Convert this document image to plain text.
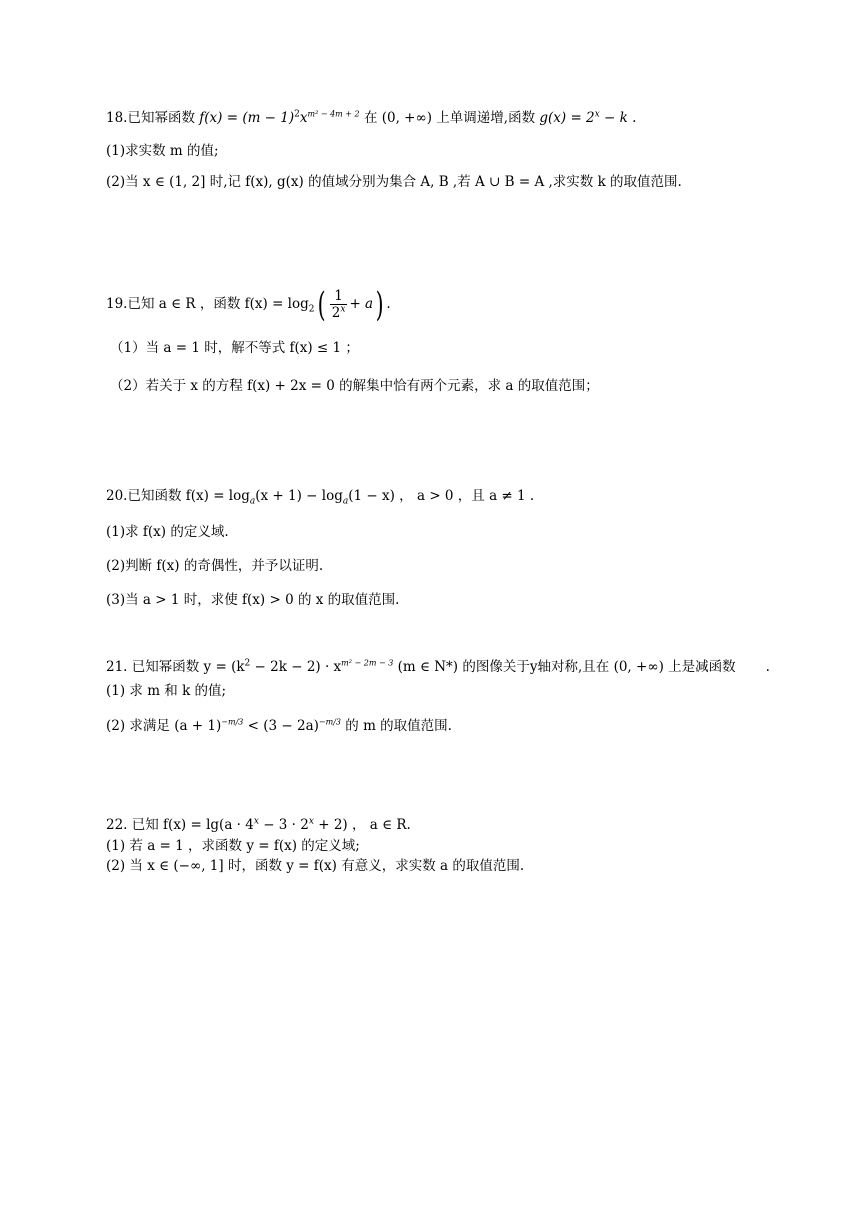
18.已知幂函数 $f(x) = (m - 1)^2x^{m^2 - 4m + 2}$ 在 (0, +∞) 上单调递增,函数 $g(x) = 2^x - k$ .
(1)求实数 m 的值;
(2)当 x ∈ (1, 2] 时,记 f(x), g(x) 的值域分别为集合 A, B ,若 A ∪ B = A ,求实数 k 的取值范围.
19.已知 a ∈ R ，函数 $f(x) = \log_2( \frac{1}{2^x} + a)$ .
（1）当 a = 1 时，解不等式 f(x) ≤ 1 ；
（2）若关于 x 的方程 f(x) + 2x = 0 的解集中恰有两个元素，求 a 的取值范围；
20.已知函数 $f(x) = \log_a(x + 1) - \log_a(1 - x)$ ， a > 0 ，且 a ≠ 1 .
(1)求 f(x) 的定义域.
(2)判断 f(x) 的奇偶性，并予以证明.
(3)当 a > 1 时，求使 f(x) > 0 的 x 的取值范围.
21. 已知幂函数 $y = (k^2 - 2k - 2) \cdot x^{m^2 - 2m - 3}$ (m ∈ N*) 的图像关于y轴对称,且在 (0, +∞) 上是减函数 .
(1) 求 m 和 k 的值;
(2) 求满足 $(a + 1)^{-m/3} < (3 - 2a)^{-m/3}$ 的 m 的取值范围.
22. 已知 $f(x) = \lg(a \cdot 4^x - 3 \cdot 2^x + 2)$ ， a ∈ R.
(1) 若 a = 1 ，求函数 y = f(x) 的定义域;
(2) 当 x ∈ (−∞, 1] 时，函数 y = f(x) 有意义，求实数 a 的取值范围.
